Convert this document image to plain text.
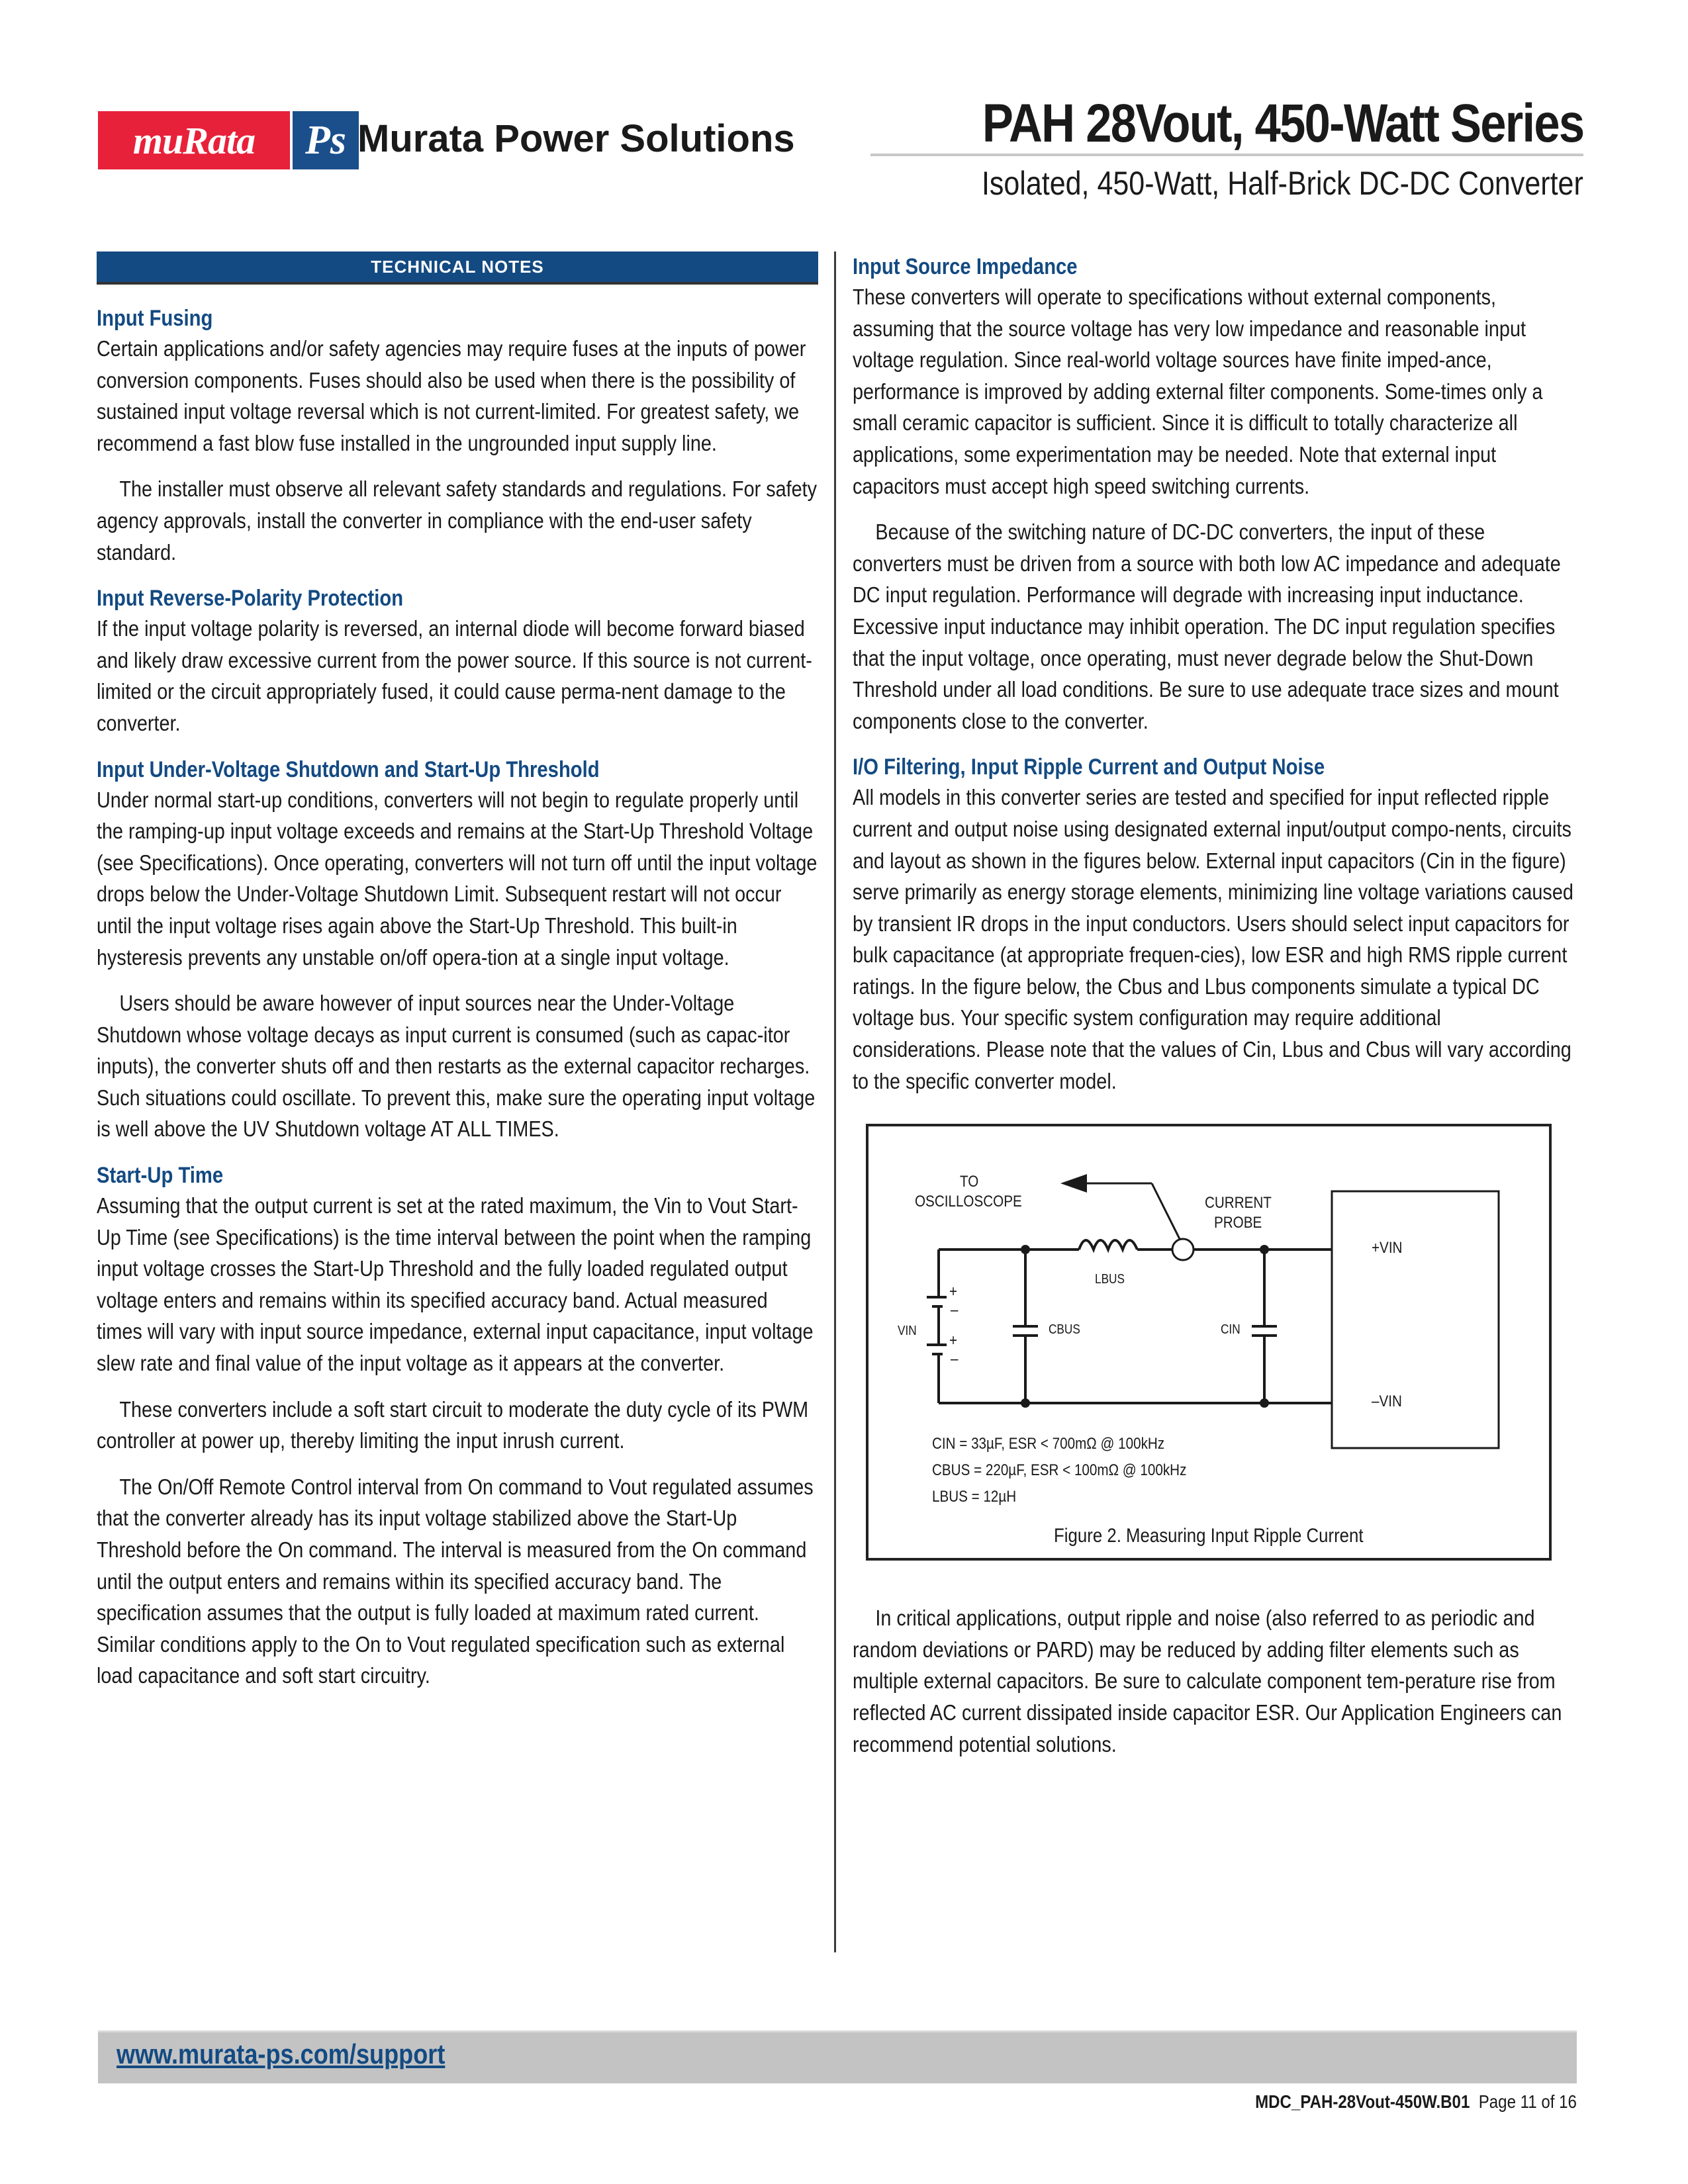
muRata	Ps Murata Power Solutions	PAH 28Vout, 450-Watt Series
Isolated, 450-Watt, Half-Brick DC-DC Converter
TECHNICAL NOTES
Input Fusing

Certain applications and/or safety agencies may require fuses at the inputs of power conversion components. Fuses should also be used when there is the possibility of sustained input voltage reversal which is not current-limited. For greatest safety, we recommend a fast blow fuse installed in the ungrounded input supply line.

The installer must observe all relevant safety standards and regulations. For safety agency approvals, install the converter in compliance with the end-user safety standard.

Input Reverse-Polarity Protection

If the input voltage polarity is reversed, an internal diode will become forward biased and likely draw excessive current from the power source. If this source is not current-limited or the circuit appropriately fused, it could cause perma-nent damage to the converter.

Input Under-Voltage Shutdown and Start-Up Threshold

Under normal start-up conditions, converters will not begin to regulate properly until the ramping-up input voltage exceeds and remains at the Start-Up Threshold Voltage (see Specifications). Once operating, converters will not turn off until the input voltage drops below the Under-Voltage Shutdown Limit. Subsequent restart will not occur until the input voltage rises again above the Start-Up Threshold. This built-in hysteresis prevents any unstable on/off opera-tion at a single input voltage.

Users should be aware however of input sources near the Under-Voltage Shutdown whose voltage decays as input current is consumed (such as capac-itor inputs), the converter shuts off and then restarts as the external capacitor recharges. Such situations could oscillate. To prevent this, make sure the operating input voltage is well above the UV Shutdown voltage AT ALL TIMES.

Start-Up Time

Assuming that the output current is set at the rated maximum, the Vin to Vout Start-Up Time (see Specifications) is the time interval between the point when the ramping input voltage crosses the Start-Up Threshold and the fully loaded regulated output voltage enters and remains within its specified accuracy band. Actual measured times will vary with input source impedance, external input capacitance, input voltage slew rate and final value of the input voltage as it appears at the converter.

These converters include a soft start circuit to moderate the duty cycle of its PWM controller at power up, thereby limiting the input inrush current.

The On/Off Remote Control interval from On command to Vout regulated assumes that the converter already has its input voltage stabilized above the Start-Up Threshold before the On command. The interval is measured from the On command until the output enters and remains within its specified accuracy band. The specification assumes that the output is fully loaded at maximum rated current. Similar conditions apply to the On to Vout regulated specification such as external load capacitance and soft start circuitry.

Input Source Impedance

These converters will operate to specifications without external components, assuming that the source voltage has very low impedance and reasonable input voltage regulation. Since real-world voltage sources have finite imped-ance, performance is improved by adding external filter components. Some-times only a small ceramic capacitor is sufficient. Since it is difficult to totally characterize all applications, some experimentation may be needed. Note that external input capacitors must accept high speed switching currents.

Because of the switching nature of DC-DC converters, the input of these converters must be driven from a source with both low AC impedance and adequate DC input regulation. Performance will degrade with increasing input inductance. Excessive input inductance may inhibit operation. The DC input regulation specifies that the input voltage, once operating, must never degrade below the Shut-Down Threshold under all load conditions. Be sure to use adequate trace sizes and mount components close to the converter.

I/O Filtering, Input Ripple Current and Output Noise

All models in this converter series are tested and specified for input reflected ripple current and output noise using designated external input/output compo-nents, circuits and layout as shown in the figures below. External input capacitors (Cin in the figure) serve primarily as energy storage elements, minimizing line voltage variations caused by transient IR drops in the input conductors. Users should select input capacitors for bulk capacitance (at appropriate frequen-cies), low ESR and high RMS ripple current ratings. In the figure below, the Cbus and Lbus components simulate a typical DC voltage bus. Your specific system configuration may require additional considerations. Please note that the values of Cin, Lbus and Cbus will vary according to the specific converter model.

TO
OSCILLOSCOPE	CURRENT
PROBE
LBUS
VIN
+
–
+
–
CBUS	CIN
+VIN
–VIN
CIN = 33µF, ESR < 700mΩ @ 100kHz
CBUS = 220µF, ESR < 100mΩ @ 100kHz
LBUS = 12µH
Figure 2. Measuring Input Ripple Current

In critical applications, output ripple and noise (also referred to as periodic and random deviations or PARD) may be reduced by adding filter elements such as multiple external capacitors. Be sure to calculate component tem-perature rise from reflected AC current dissipated inside capacitor ESR. Our Application Engineers can recommend potential solutions.

www.murata-ps.com/support
MDC_PAH-28Vout-450W.B01 Page 11 of 16
